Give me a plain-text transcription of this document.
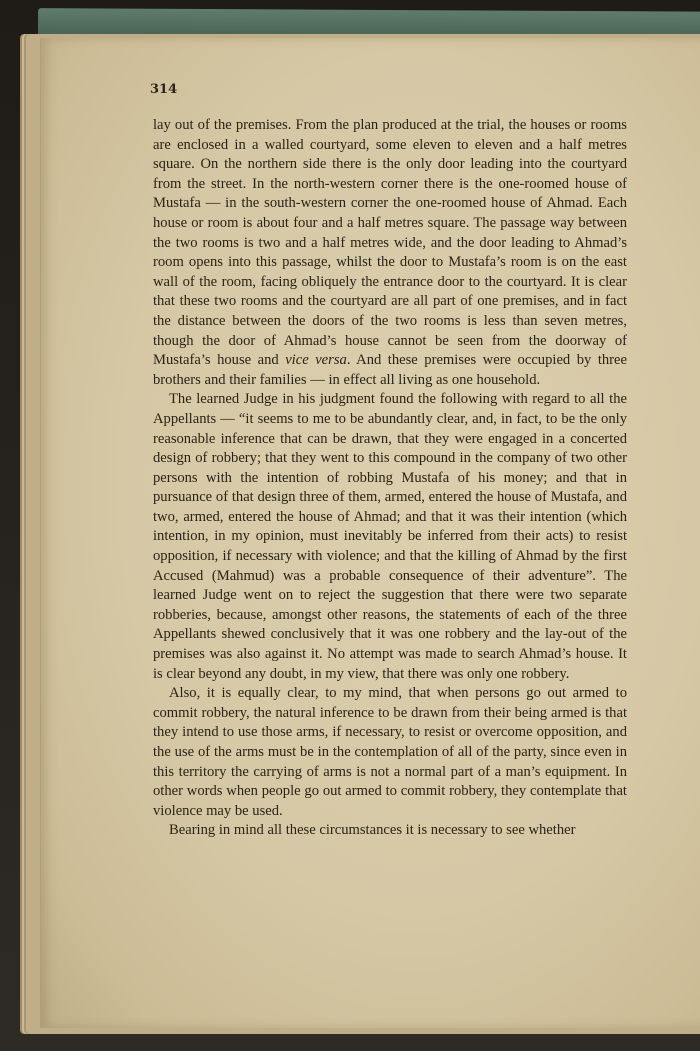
314

lay out of the premises. From the plan produced at the trial, the houses or rooms are enclosed in a walled courtyard, some eleven to eleven and a half metres square. On the northern side there is the only door leading into the courtyard from the street. In the north-western corner there is the one-roomed house of Mustafa — in the south-western corner the one-roomed house of Ahmad. Each house or room is about four and a half metres square. The passage way between the two rooms is two and a half metres wide, and the door leading to Ahmad’s room opens into this passage, whilst the door to Mustafa’s room is on the east wall of the room, facing obliquely the entrance door to the courtyard. It is clear that these two rooms and the courtyard are all part of one premises, and in fact the distance between the doors of the two rooms is less than seven metres, though the door of Ahmad’s house cannot be seen from the doorway of Mustafa’s house and vice versa. And these premises were occupied by three brothers and their families — in effect all living as one household.

The learned Judge in his judgment found the following with regard to all the Appellants — “it seems to me to be abundantly clear, and, in fact, to be the only reasonable inference that can be drawn, that they were engaged in a concerted design of robbery; that they went to this compound in the company of two other persons with the intention of robbing Mustafa of his money; and that in pursuance of that design three of them, armed, entered the house of Mustafa, and two, armed, entered the house of Ahmad; and that it was their intention (which intention, in my opinion, must inevitably be inferred from their acts) to resist opposition, if necessary with violence; and that the killing of Ahmad by the first Accused (Mahmud) was a probable consequence of their adventure”. The learned Judge went on to reject the suggestion that there were two separate robberies, because, amongst other reasons, the statements of each of the three Appellants shewed conclusively that it was one robbery and the lay-out of the premises was also against it. No attempt was made to search Ahmad’s house. It is clear beyond any doubt, in my view, that there was only one robbery.

Also, it is equally clear, to my mind, that when persons go out armed to commit robbery, the natural inference to be drawn from their being armed is that they intend to use those arms, if necessary, to resist or overcome opposition, and the use of the arms must be in the contemplation of all of the party, since even in this territory the carrying of arms is not a normal part of a man’s equipment. In other words when people go out armed to commit robbery, they contemplate that violence may be used.

Bearing in mind all these circumstances it is necessary to see whether
